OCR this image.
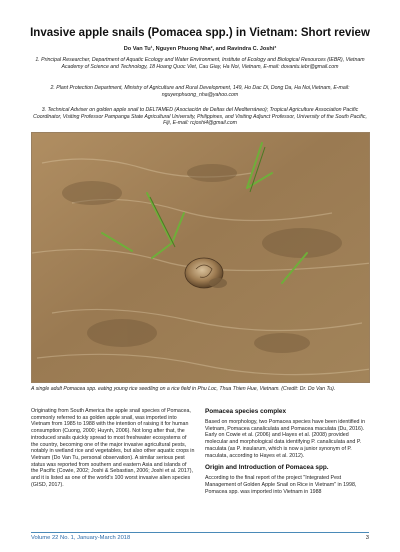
Invasive apple snails (Pomacea spp.) in Vietnam: Short review
Do Van Tu¹, Nguyen Phuong Nha², and Ravindra C. Joshi³
1. Principal Researcher, Department of Aquatic Ecology and Water Environment, Institute of Ecology and Biological Resources (IEBR), Vietnam Academy of Science and Technology, 18 Hoang Quoc Viet, Cau Giay, Ha Noi, Vietnam, E-mail: dovantu.iebr@gmail.com
2. Plant Protection Department, Ministry of Agriculture and Rural Development, 149, Ho Dac Di, Dong Da, Ha Noi,Vietnam, E-mail: nguyenphuong_nha@yahoo.com
3. Technical Adviser on golden apple snail to DELTAMED (Asociación de Deltas del Mediterráneo); Tropical Agriculture Association Pacific Coordinator, Visiting Professor Pampanga State Agricultural University, Philippines, and Visiting Adjunct Professor, University of the South Pacific, Fiji, E-mail: rcjoshi4@gmail.com
A single adult Pomacea spp. eating young rice seedling on a rice field in Phu Loc, Thua Thien Hue, Vietnam. (Credit: Dr. Do Van Tu).

Originating from South America the apple snail species of Pomacea, commonly referred to as golden apple snail, was imported into Vietnam from 1985 to 1988 with the intention of raising it for human consumption (Cuong, 2000; Huynh, 2006). Not long after that, the introduced snails quickly spread to most freshwater ecosystems of the country, becoming one of the major invasive agricultural pests, notably in wetland rice and vegetables, but also other aquatic crops in Vietnam (Do Van Tu, personal observation). A similar serious pest status was reported from southern and eastern Asia and islands of the Pacific (Cowie, 2002; Joshi & Sebastian, 2006; Joshi et al. 2017), and it is listed as one of the world's 100 worst invasive alien species (GISD, 2017).

Pomacea species complex

Based on morphology, two Pomacea species have been identified in Vietnam, Pomacea canaliculata and Pomacea maculata (Du, 2016). Early on Cowie et al. (2006) and Hayes et al. (2008) provided molecular and morphological data identifying P. canaliculata and P. maculata (as P. insularum, which is now a junior synonym of P. maculata, according to Hayes et al. 2012).

Origin and Introduction of Pomacea spp.

According to the final report of the project "Integrated Pest Management of Golden Apple Snail on Rice in Vietnam" in 1998, Pomacea spp. was imported into Vietnam in 1988

Volume 22 No. 1, January-March 2018	3
